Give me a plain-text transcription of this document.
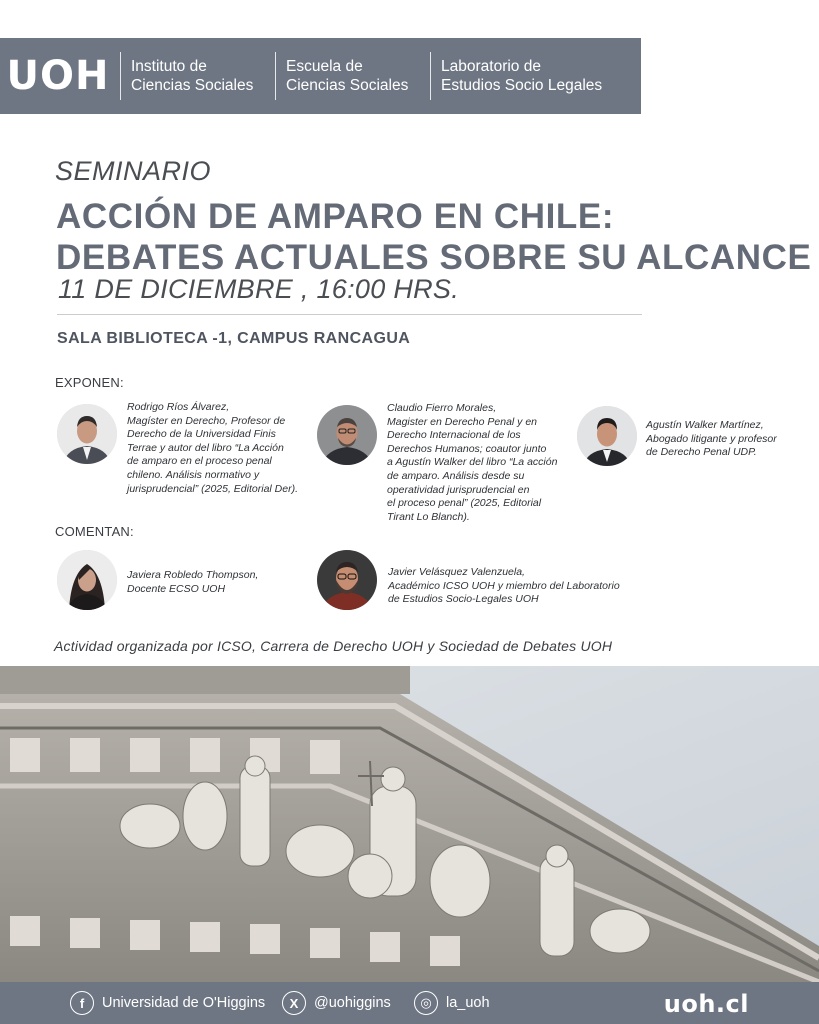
UOH	Instituto de
Ciencias Sociales
Escuela de
Ciencias Sociales
Laboratorio de
Estudios Socio Legales
SEMINARIO
ACCIÓN DE AMPARO EN CHILE:
DEBATES ACTUALES SOBRE SU ALCANCE
11 DE DICIEMBRE , 16:00 HRS.
SALA BIBLIOTECA -1, CAMPUS RANCAGUA
EXPONEN:
Rodrigo Ríos Álvarez,
Magíster en Derecho, Profesor de
Derecho de la Universidad Finis
Terrae y autor del libro “La Acción
de amparo en el proceso penal
chileno. Análisis normativo y
jurisprudencial” (2025, Editorial Der).
Claudio Fierro Morales,
Magister en Derecho Penal y en
Derecho Internacional de los
Derechos Humanos; coautor junto
a Agustín Walker del libro “La acción
de amparo. Análisis desde su
operatividad jurisprudencial en
el proceso penal” (2025, Editorial
Tirant Lo Blanch).
Agustín Walker Martínez,
Abogado litigante y profesor
de Derecho Penal UDP.
COMENTAN:
Javiera Robledo Thompson,
Docente ECSO UOH
Javier Velásquez Valenzuela,
Académico ICSO UOH y miembro del Laboratorio
de Estudios Socio-Legales UOH
Actividad organizada por ICSO, Carrera de Derecho UOH y Sociedad de Debates UOH
f	Universidad de O'Higgins	X	@uohiggins	◎ la_uoh	uoh.cl
